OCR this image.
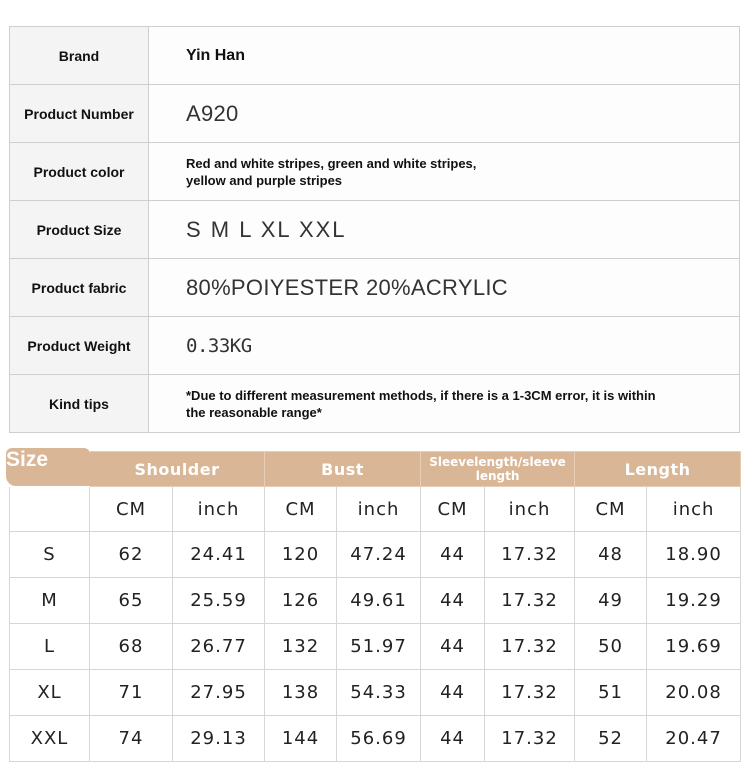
Brand	Yin Han
Product Number	A920
Product color	Red and white stripes, green and white stripes,
yellow and purple stripes

Product Size	S M L XL XXL
Product fabric	80%POIYESTER 20%ACRYLIC
Product Weight	0.33KG
Kind tips	*Due to different measurement methods, if there is a 1-3CM error, it is within
the reasonable range*
	Shoulder		Bust		Sleevelength/sleeve length		Length	
	CM	inch	CM	inch	CM	inch	CM	inch
S	62	24.41	120	47.24	44	17.32	48	18.90
M	65	25.59	126	49.61	44	17.32	49	19.29
L	68	26.77	132	51.97	44	17.32	50	19.69
XL	71	27.95	138	54.33	44	17.32	51	20.08
XXL	74	29.13	144	56.69	44	17.32	52	20.47
Size
